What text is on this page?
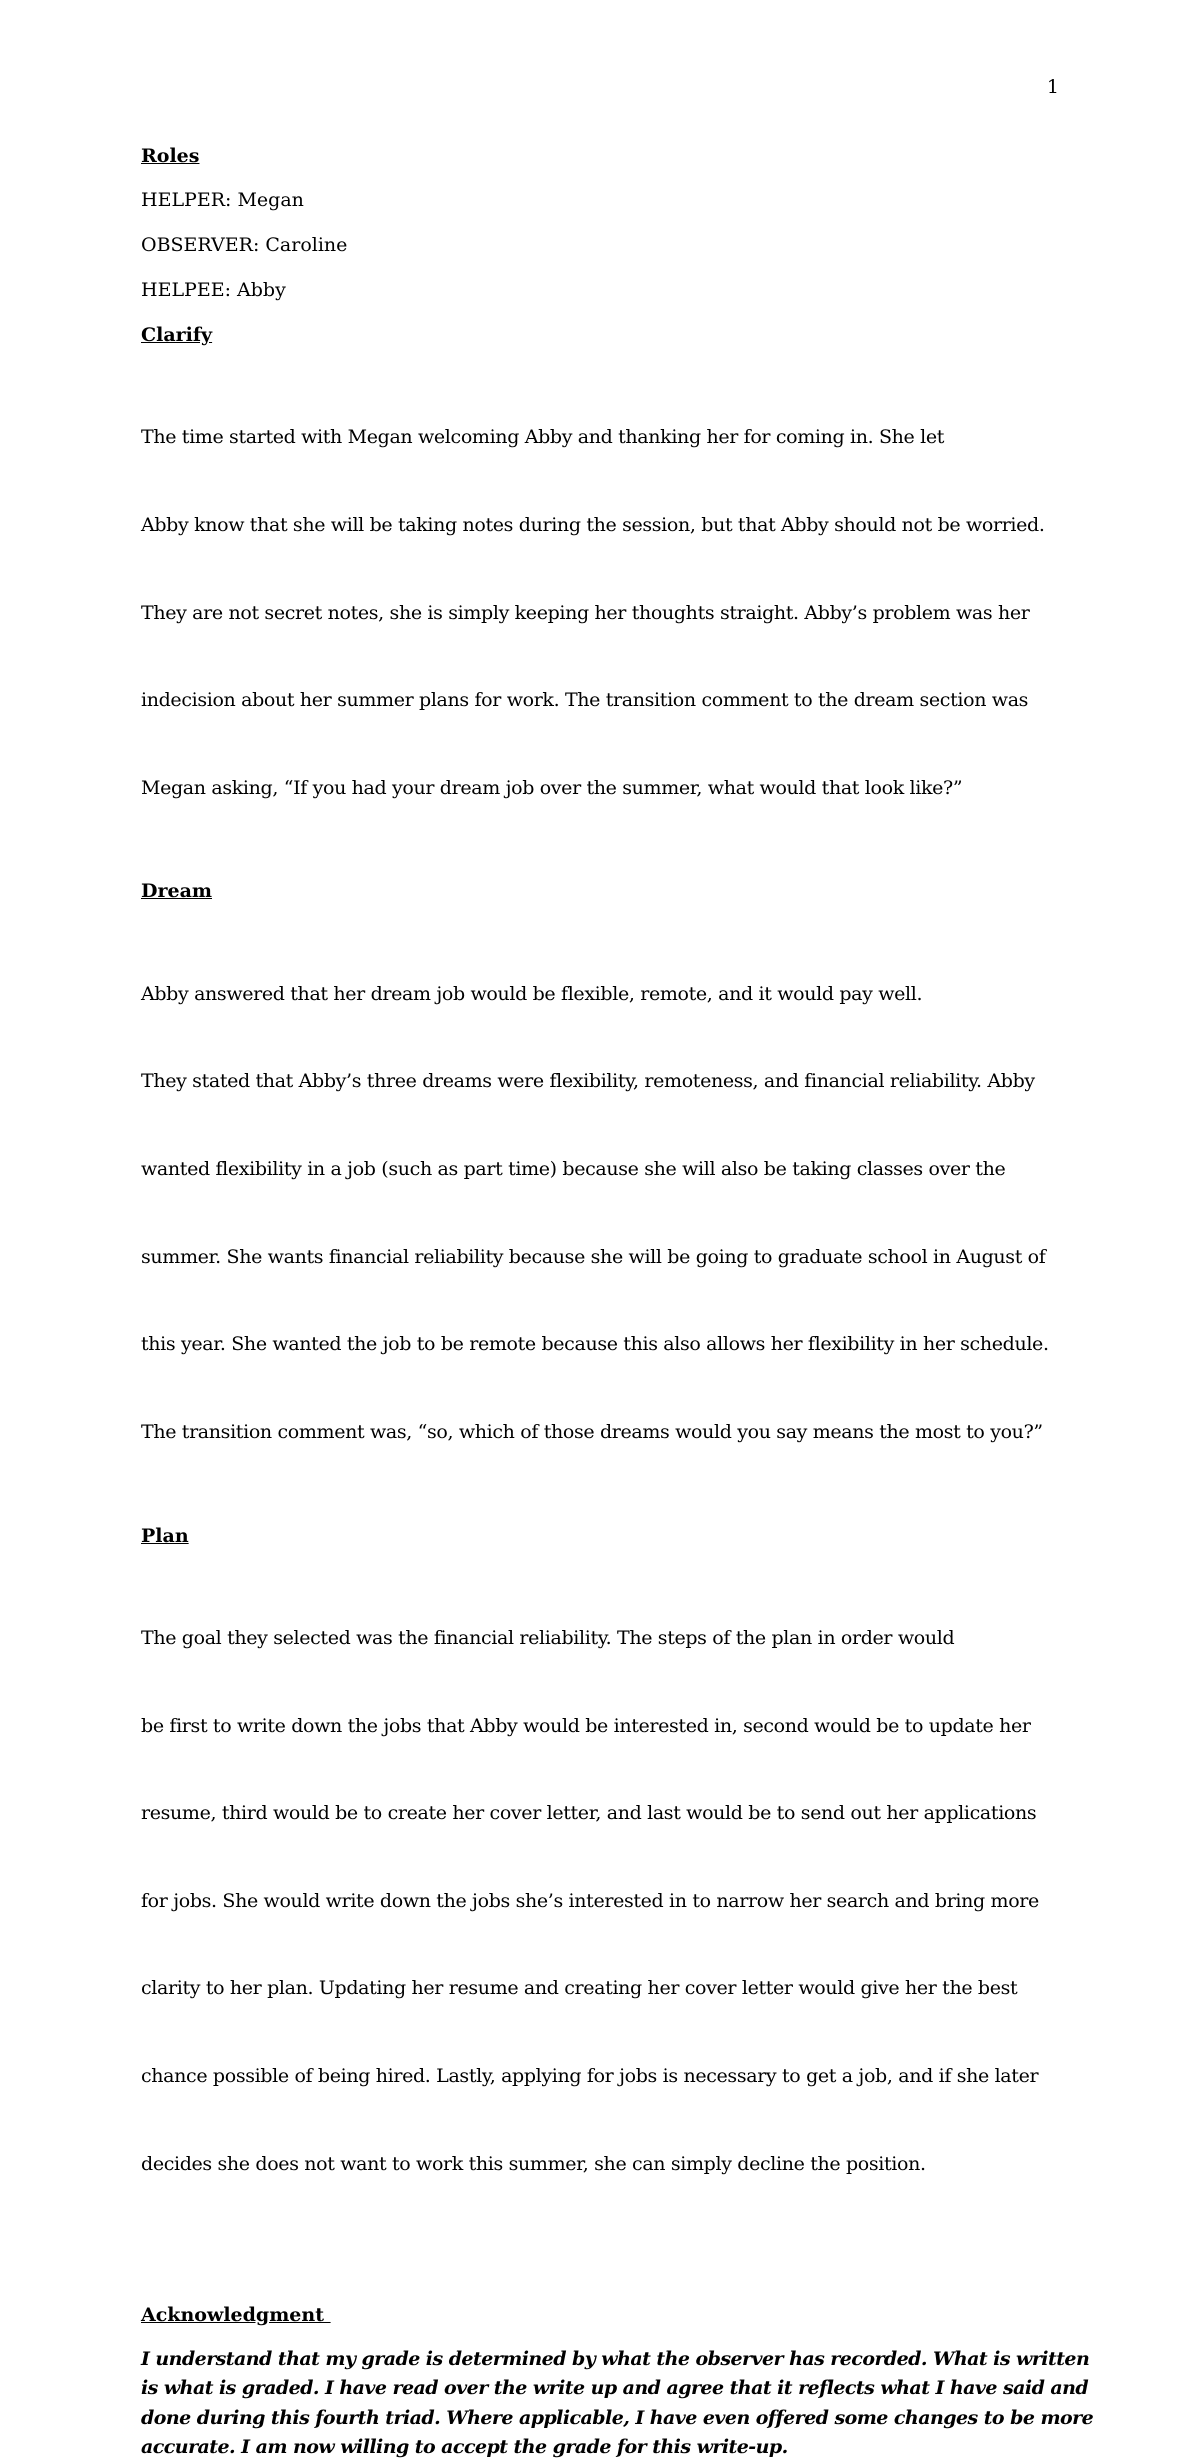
1
Roles
HELPER: Megan
OBSERVER: Caroline
HELPEE: Abby
Clarify

The time started with Megan welcoming Abby and thanking her for coming in. She let

Abby know that she will be taking notes during the session, but that Abby should not be worried.

They are not secret notes, she is simply keeping her thoughts straight. Abby’s problem was her

indecision about her summer plans for work. The transition comment to the dream section was

Megan asking, “If you had your dream job over the summer, what would that look like?”

Dream

Abby answered that her dream job would be flexible, remote, and it would pay well.

They stated that Abby’s three dreams were flexibility, remoteness, and financial reliability. Abby

wanted flexibility in a job (such as part time) because she will also be taking classes over the

summer. She wants financial reliability because she will be going to graduate school in August of

this year. She wanted the job to be remote because this also allows her flexibility in her schedule.

The transition comment was, “so, which of those dreams would you say means the most to you?”

Plan

The goal they selected was the financial reliability. The steps of the plan in order would

be first to write down the jobs that Abby would be interested in, second would be to update her

resume, third would be to create her cover letter, and last would be to send out her applications

for jobs. She would write down the jobs she’s interested in to narrow her search and bring more

clarity to her plan. Updating her resume and creating her cover letter would give her the best

chance possible of being hired. Lastly, applying for jobs is necessary to get a job, and if she later

decides she does not want to work this summer, she can simply decline the position.

Acknowledgment
I understand that my grade is determined by what the observer has recorded. What is written
is what is graded. I have read over the write up and agree that it reflects what I have said and
done during this fourth triad. Where applicable, I have even offered some changes to be more
accurate. I am now willing to accept the grade for this write-up.
